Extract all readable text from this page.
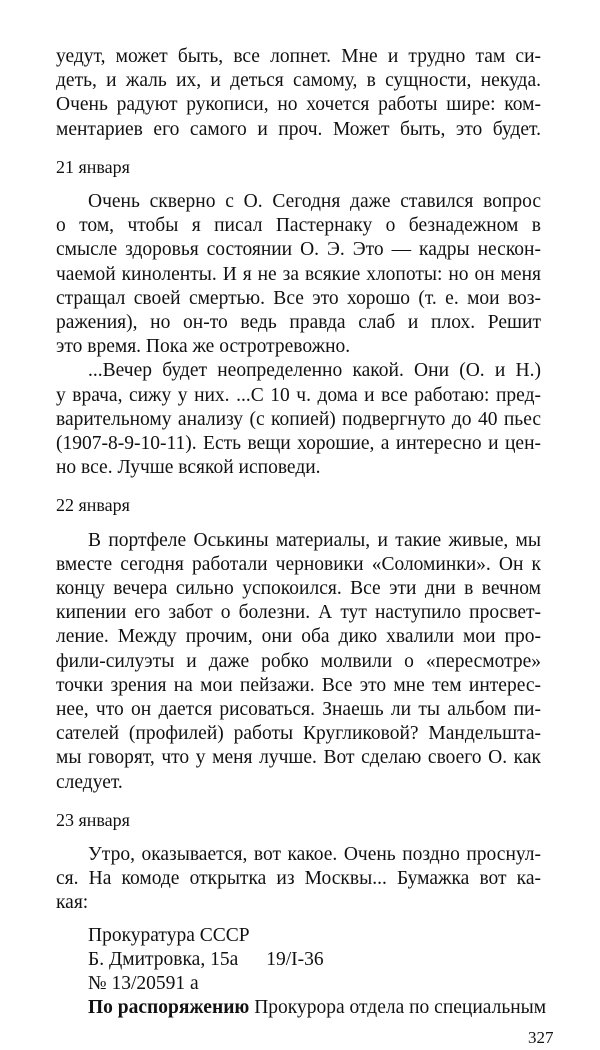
уедут, может быть, все лопнет. Мне и трудно там си-
деть, и жаль их, и деться самому, в сущности, некуда.
Очень радуют рукописи, но хочется работы шире: ком-
ментариев его самого и проч. Может быть, это будет.
21 января
Очень скверно с О. Сегодня даже ставился вопрос
о том, чтобы я писал Пастернаку о безнадежном в
смысле здоровья состоянии О. Э. Это — кадры нескон-
чаемой киноленты. И я не за всякие хлопоты: но он меня
стращал своей смертью. Все это хорошо (т. е. мои воз-
ражения), но он-то ведь правда слаб и плох. Решит
это время. Пока же остротревожно.
...Вечер будет неопределенно какой. Они (О. и Н.)
у врача, сижу у них. ...С 10 ч. дома и все работаю: пред-
варительному анализу (с копией) подвергнуто до 40 пьес
(1907-8-9-10-11). Есть вещи хорошие, а интересно и цен-
но все. Лучше всякой исповеди.
22 января
В портфеле Оськины материалы, и такие живые, мы
вместе сегодня работали черновики «Соломинки». Он к
концу вечера сильно успокоился. Все эти дни в вечном
кипении его забот о болезни. А тут наступило просвет-
ление. Между прочим, они оба дико хвалили мои про-
фили-силуэты и даже робко молвили о «пересмотре»
точки зрения на мои пейзажи. Все это мне тем интерес-
нее, что он дается рисоваться. Знаешь ли ты альбом пи-
сателей (профилей) работы Кругликовой? Мандельшта-
мы говорят, что у меня лучше. Вот сделаю своего О. как
следует.
23 января
Утро, оказывается, вот какое. Очень поздно проснул-
ся. На комоде открытка из Москвы... Бумажка вот ка-
кая:
Прокуратура СССР
Б. Дмитровка, 15а 19/I-36
№ 13/20591 а
По распоряжению Прокурора отдела по специальным
327
